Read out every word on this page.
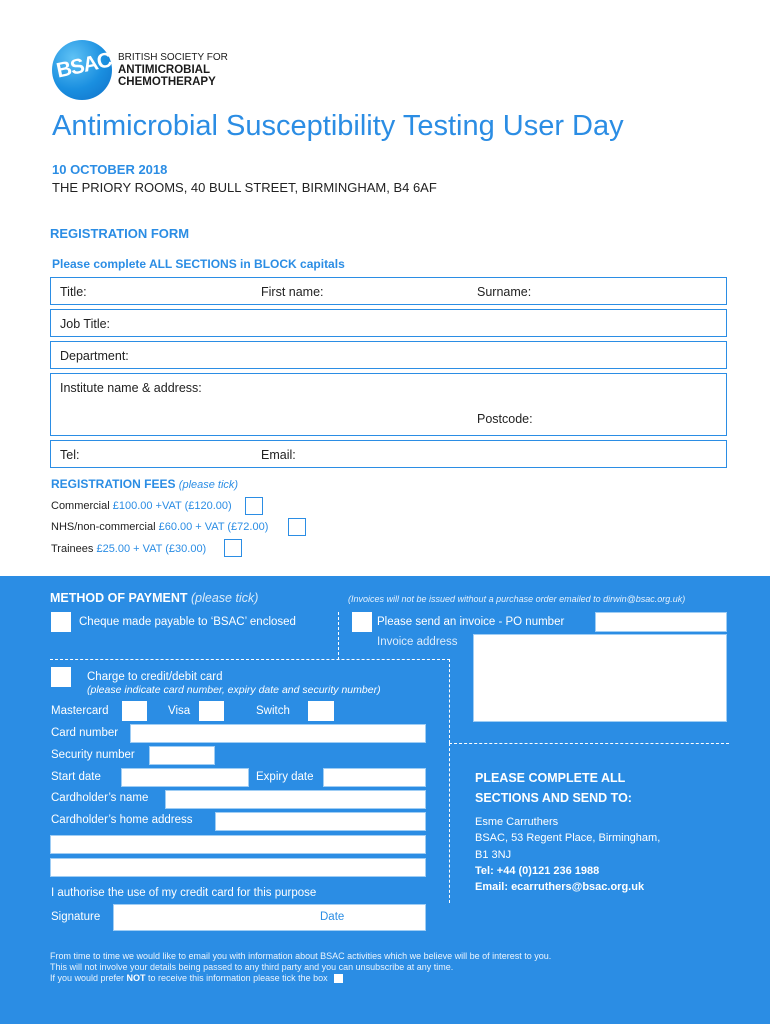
BSAC BRITISH SOCIETY FOR
ANTIMICROBIAL
CHEMOTHERAPY
Antimicrobial Susceptibility Testing User Day
10 OCTOBER 2018
THE PRIORY ROOMS, 40 BULL STREET, BIRMINGHAM, B4 6AF
REGISTRATION FORM
Please complete ALL SECTIONS in BLOCK capitals
Title:	First name:	Surname:
Job Title:
Department:
Institute name & address:
Postcode:
Tel:	Email:
REGISTRATION FEES (please tick)
Commercial £100.00 +VAT (£120.00)
NHS/non-commercial £60.00 + VAT (£72.00)
Trainees £25.00 + VAT (£30.00)
METHOD OF PAYMENT (please tick)	(Invoices will not be issued without a purchase order emailed to dirwin@bsac.org.uk)
Cheque made payable to ‘BSAC’ enclosed	Please send an invoice - PO number
Invoice address
Charge to credit/debit card
(please indicate card number, expiry date and security number)
Mastercard	Visa	Switch
Card number
Security number
Start date	Expiry date
Cardholder’s name
Cardholder’s home address
I authorise the use of my credit card for this purpose
Signature	Date
PLEASE COMPLETE ALL
SECTIONS AND SEND TO:
Esme Carruthers
BSAC, 53 Regent Place, Birmingham,
B1 3NJ
Tel: +44 (0)121 236 1988
Email: ecarruthers@bsac.org.uk
From time to time we would like to email you with information about BSAC activities which we believe will be of interest to you.
This will not involve your details being passed to any third party and you can unsubscribe at any time.
If you would prefer NOT to receive this information please tick the box
